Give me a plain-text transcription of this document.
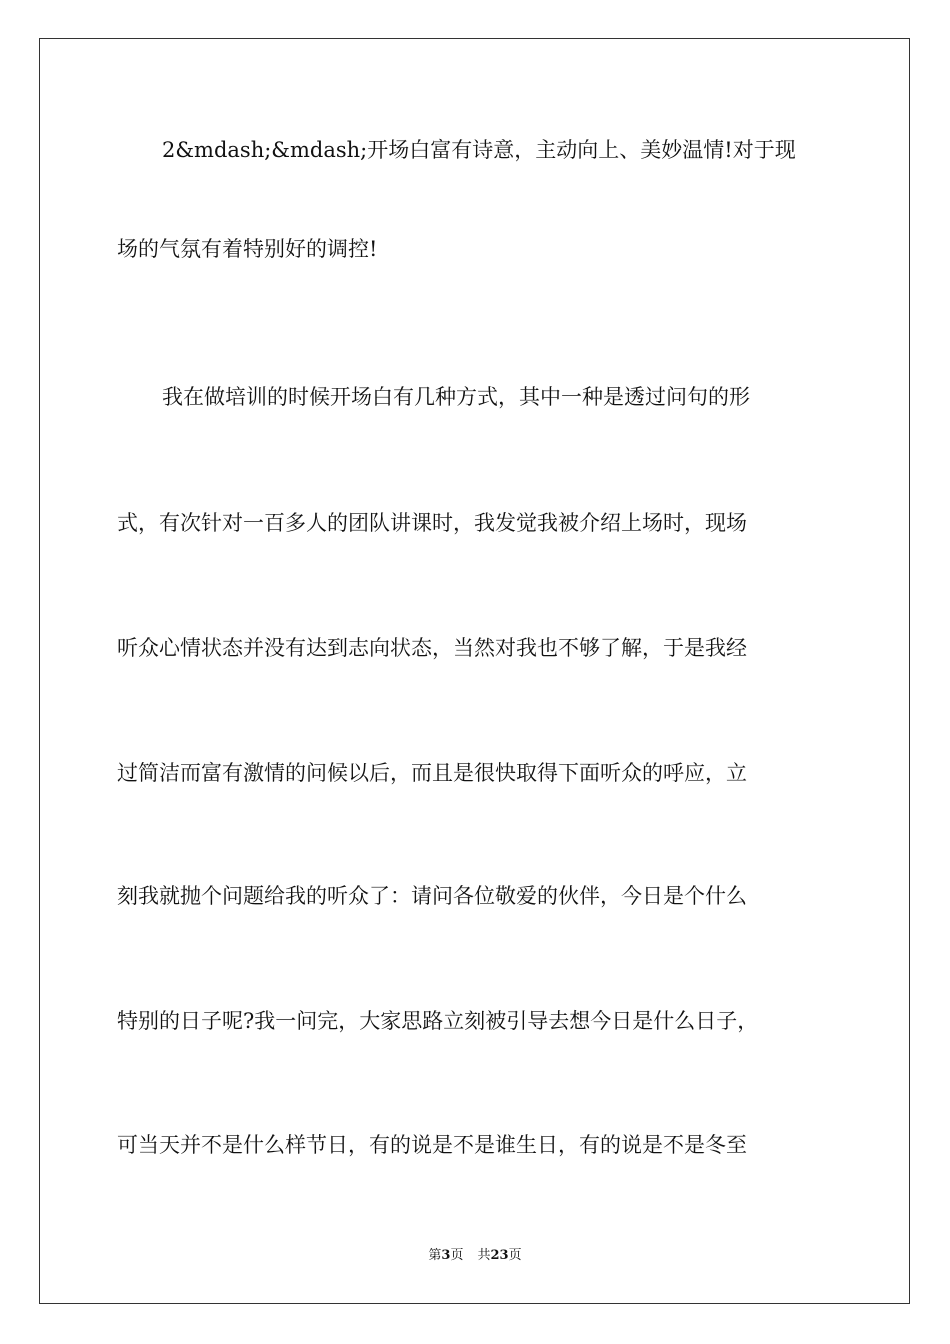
2&mdash;&mdash;开场白富有诗意，主动向上、美妙温情!对于现
场的气氛有着特别好的调控!
我在做培训的时候开场白有几种方式，其中一种是透过问句的形
式，有次针对一百多人的团队讲课时，我发觉我被介绍上场时，现场
听众心情状态并没有达到志向状态，当然对我也不够了解，于是我经
过简洁而富有激情的问候以后，而且是很快取得下面听众的呼应，立
刻我就抛个问题给我的听众了：请问各位敬爱的伙伴，今日是个什么
特别的日子呢?我一问完，大家思路立刻被引导去想今日是什么日子，
可当天并不是什么样节日，有的说是不是谁生日，有的说是不是冬至
第3页 共23页
